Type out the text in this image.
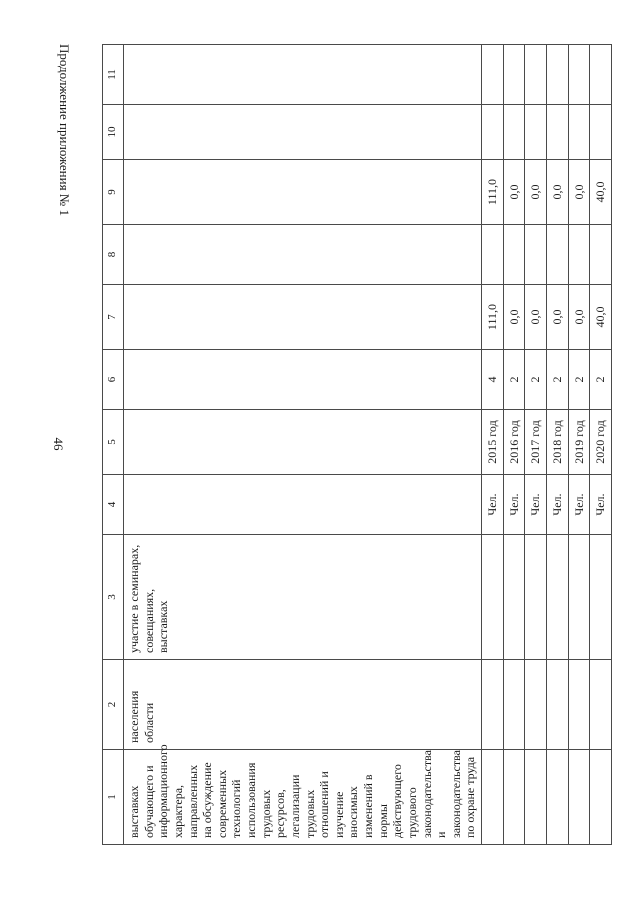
46
Продолжение приложения № 1
1	2	3	4	5	6	7	8	9	10	11
выставках обучающего и информационного характера, направленных на обсуждение современных технологий использования трудовых ресурсов, легализации трудовых отношений и изучение вносимых изменений в нормы действующего трудового законодательства и законодательства по охране труда	населения области	участие в семинарах, совещаниях, выставках								
			Чел.	2015 год	4	111,0		111,0		
			Чел.	2016 год	2	0,0		0,0		
			Чел.	2017 год	2	0,0		0,0		
			Чел.	2018 год	2	0,0		0,0		
			Чел.	2019 год	2	0,0		0,0		
			Чел.	2020 год	2	40,0		40,0		
